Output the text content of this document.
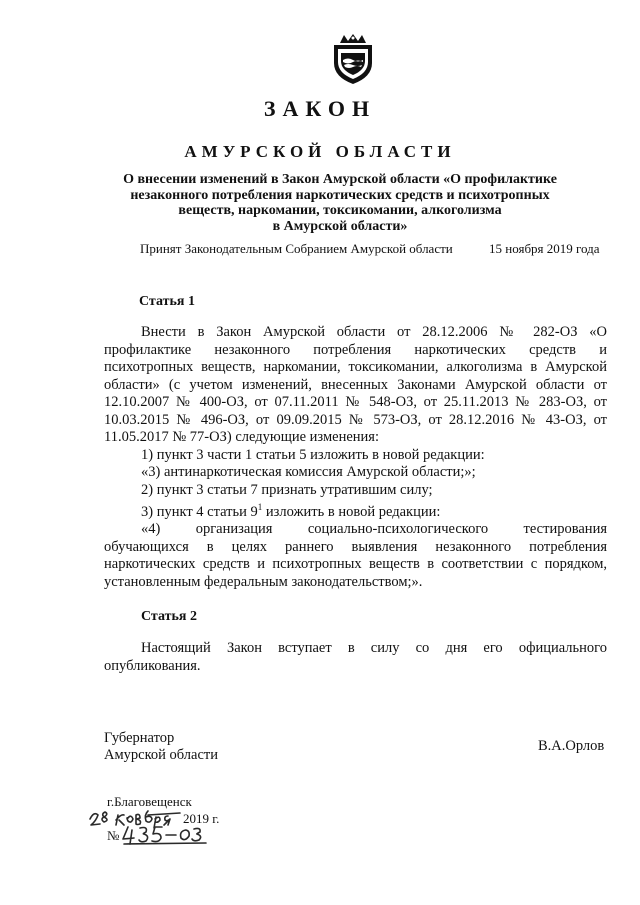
ЗАКОН
АМУРСКОЙ ОБЛАСТИ
О внесении изменений в Закон Амурской области «О профилактике
незаконного потребления наркотических средств и психотропных
веществ, наркомании, токсикомании, алкоголизма
в Амурской области»
Принят Законодательным Собранием Амурской области	15 ноября 2019 года
Статья 1
Внести в Закон Амурской области от 28.12.2006 № 282-ОЗ «О
профилактике незаконного потребления наркотических средств и
психотропных веществ, наркомании, токсикомании, алкоголизма в Амурской
области» (с учетом изменений, внесенных Законами Амурской области от
12.10.2007 № 400-ОЗ, от 07.11.2011 № 548-ОЗ, от 25.11.2013 № 283-ОЗ, от
10.03.2015 № 496-ОЗ, от 09.09.2015 № 573-ОЗ, от 28.12.2016 № 43-ОЗ, от
11.05.2017 № 77-ОЗ) следующие изменения:
1) пункт 3 части 1 статьи 5 изложить в новой редакции:
«3) антинаркотическая комиссия Амурской области;»;
2) пункт 3 статьи 7 признать утратившим силу;
3) пункт 4 статьи $9^1$ изложить в новой редакции:
«4) организация социально-психологического тестирования
обучающихся в целях раннего выявления незаконного потребления
наркотических средств и психотропных веществ в соответствии с порядком,
установленным федеральным законодательством;».
Статья 2
Настоящий Закон вступает в силу со дня его официального
опубликования.
Губернатор
Амурской области
В.А.Орлов
г.Благовещенск
2019 г.
№
